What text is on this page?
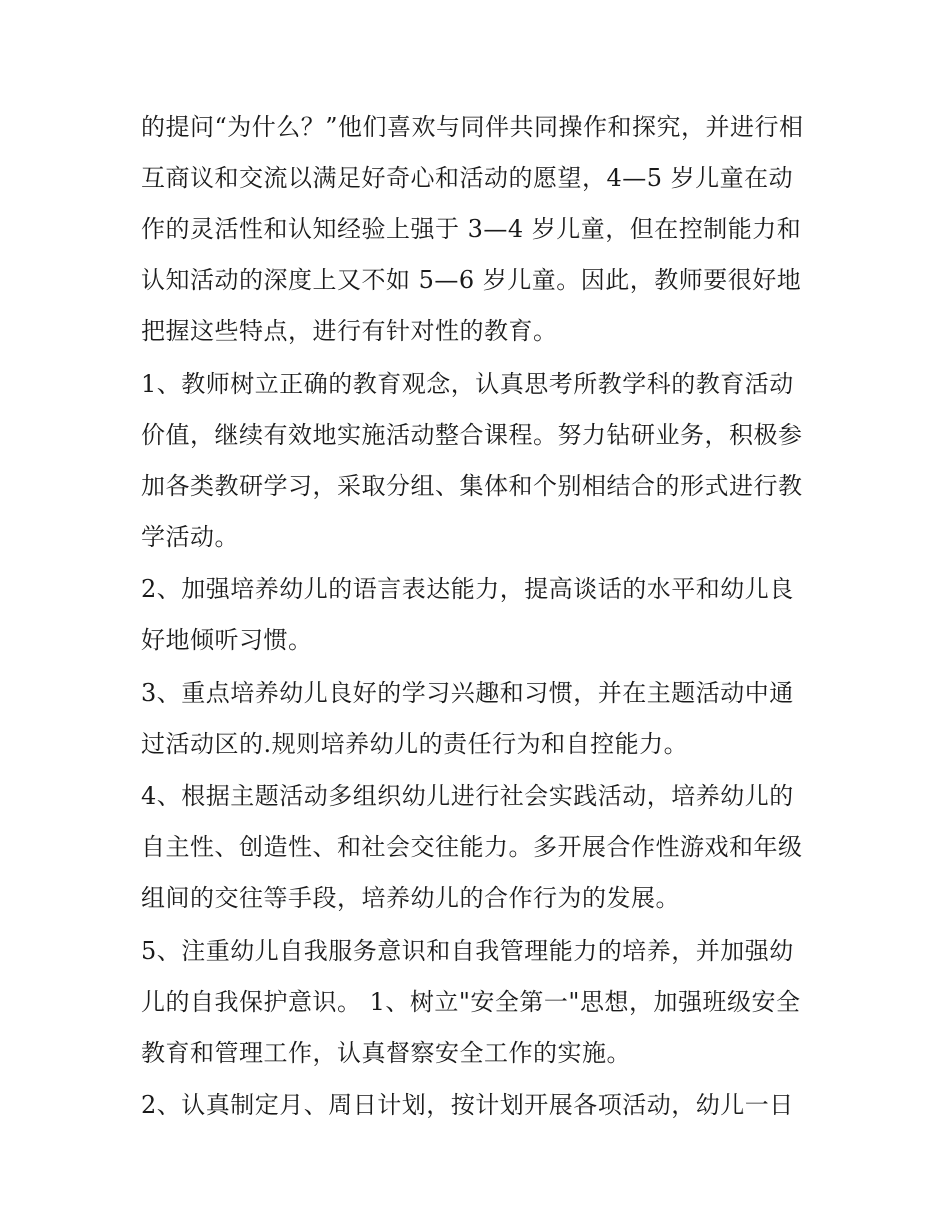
的提问“为什么？”他们喜欢与同伴共同操作和探究，并进行相
互商议和交流以满足好奇心和活动的愿望，4—5 岁儿童在动
作的灵活性和认知经验上强于 3—4 岁儿童，但在控制能力和
认知活动的深度上又不如 5—6 岁儿童。因此，教师要很好地
把握这些特点，进行有针对性的教育。
1、教师树立正确的教育观念，认真思考所教学科的教育活动
价值，继续有效地实施活动整合课程。努力钻研业务，积极参
加各类教研学习，采取分组、集体和个别相结合的形式进行教
学活动。
2、加强培养幼儿的语言表达能力，提高谈话的水平和幼儿良
好地倾听习惯。
3、重点培养幼儿良好的学习兴趣和习惯，并在主题活动中通
过活动区的.规则培养幼儿的责任行为和自控能力。
4、根据主题活动多组织幼儿进行社会实践活动，培养幼儿的
自主性、创造性、和社会交往能力。多开展合作性游戏和年级
组间的交往等手段，培养幼儿的合作行为的发展。
5、注重幼儿自我服务意识和自我管理能力的培养，并加强幼
儿的自我保护意识。 1、树立"安全第一"思想，加强班级安全
教育和管理工作，认真督察安全工作的实施。
2、认真制定月、周日计划，按计划开展各项活动，幼儿一日
